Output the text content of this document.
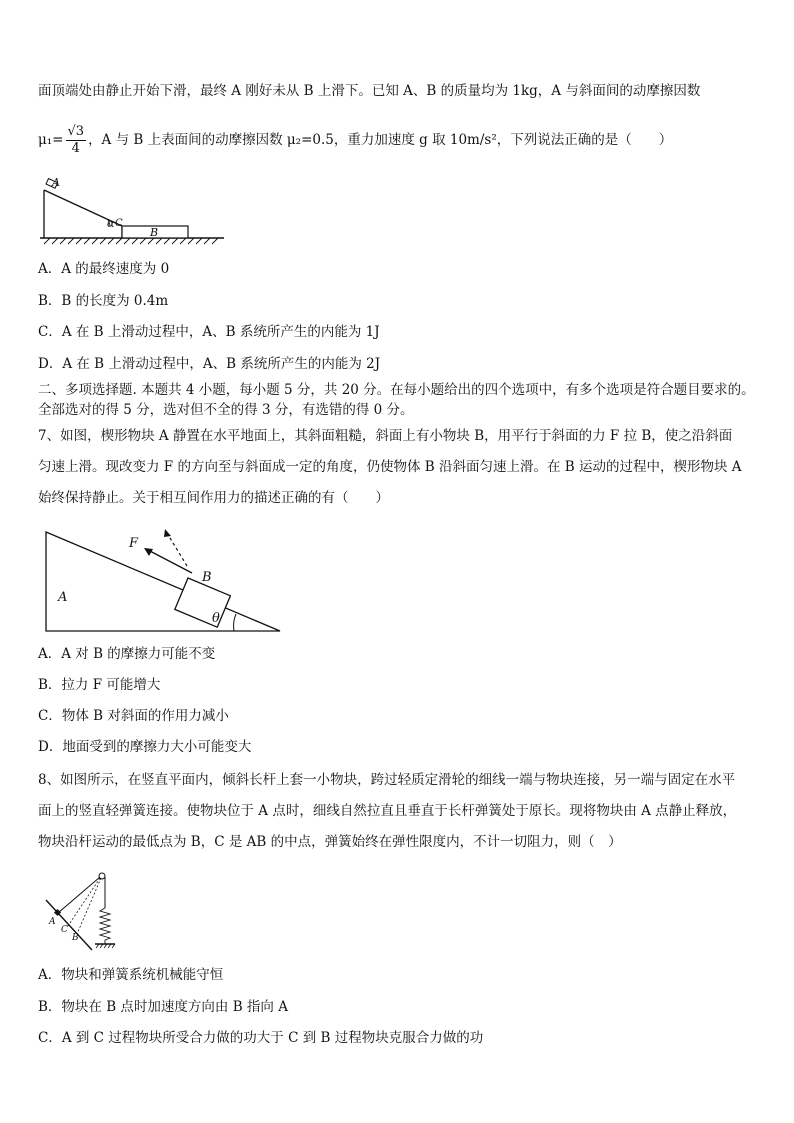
面顶端处由静止开始下滑，最终 A 刚好未从 B 上滑下。已知 A、B 的质量均为 1kg，A 与斜面间的动摩擦因数
$\mu_1= \frac{√3}{4}$ ，A 与 B 上表面间的动摩擦因数 μ₂=0.5，重力加速度 g 取 10m/s²，下列说法正确的是（　　）
A
α C
B
A．A 的最终速度为 0
B．B 的长度为 0.4m
C．A 在 B 上滑动过程中，A、B 系统所产生的内能为 1J
D．A 在 B 上滑动过程中，A、B 系统所产生的内能为 2J
二、多项选择题. 本题共 4 小题，每小题 5 分，共 20 分。在每小题给出的四个选项中，有多个选项是符合题目要求的。
全部选对的得 5 分，选对但不全的得 3 分，有选错的得 0 分。
7、如图，楔形物块 A 静置在水平地面上，其斜面粗糙，斜面上有小物块 B，用平行于斜面的力 F 拉 B，使之沿斜面
匀速上滑。现改变力 F 的方向至与斜面成一定的角度，仍使物体 B 沿斜面匀速上滑。在 B 运动的过程中，楔形物块 A
始终保持静止。关于相互间作用力的描述正确的有（　　）
F
B
A
θ
A．A 对 B 的摩擦力可能不变
B．拉力 F 可能增大
C．物体 B 对斜面的作用力减小
D．地面受到的摩擦力大小可能变大
8、如图所示，在竖直平面内，倾斜长杆上套一小物块，跨过轻质定滑轮的细线一端与物块连接，另一端与固定在水平
面上的竖直轻弹簧连接。使物块位于 A 点时，细线自然拉直且垂直于长杆弹簧处于原长。现将物块由 A 点静止释放，
物块沿杆运动的最低点为 B，C 是 AB 的中点，弹簧始终在弹性限度内，不计一切阻力，则（　）
A
C
B
A．物块和弹簧系统机械能守恒
B．物块在 B 点时加速度方向由 B 指向 A
C．A 到 C 过程物块所受合力做的功大于 C 到 B 过程物块克服合力做的功
